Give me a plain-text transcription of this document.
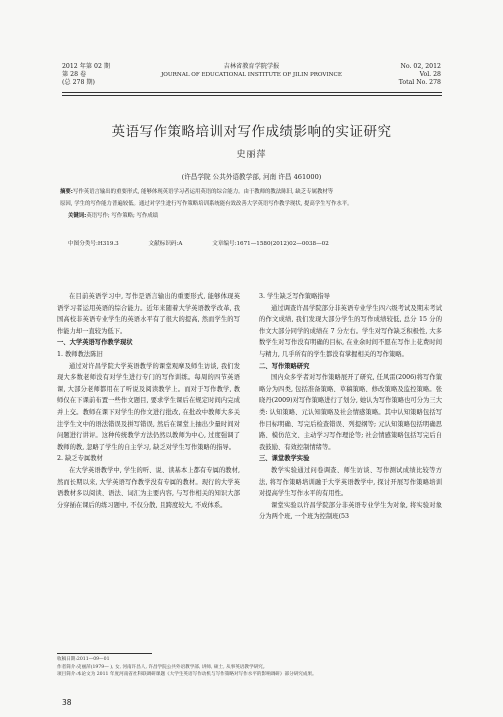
2012 年第 02 期
第 28 卷
(总 278 期)
吉林省教育学院学报
JOURNAL OF EDUCATIONAL INSTITUTE OF JILIN PROVINCE
No. 02, 2012
Vol. 28
Total No. 278
英语写作策略培训对写作成绩影响的实证研究
史丽萍
(许昌学院 公共外语教学部, 河南 许昌 461000)
摘要:写作英语言输出的重要形式, 能够体现英语学习者运用英语的综合能力。由于教师的教法陈旧, 缺乏专属教材等
原因, 学生的写作能力普遍较低。通过对学生进行写作策略培训系统能有效改善大学英语写作教学现状, 提高学生写作水平。
关键词:英语写作; 写作策略; 写作成绩
中图分类号:H319.3	文献标识码:A	文章编号:1671—1580(2012)02—0038—02

在目前英语学习中, 写作是语言输出的重要形式, 能够体现英语学习者运用英语的综合能力。近年来随着大学英语教学改革, 我国高校非英语专业学生的英语水平有了很大的提高, 然而学生的写作能力却一直较为低下。

一、大学英语写作教学现状

1. 教师教法陈旧

通过对许昌学院大学英语教学的课堂观摩及师生访谈, 我们发现大多数老师没有对学生进行专门的写作训练。每周的四节英语课, 大部分老师都用在了听说及阅读教学上。而对于写作教学, 教师仅在下课前布置一些作文题目, 要求学生课后在规定时间内完成并上交。教师在课下对学生的作文进行批改, 在批改中教师大多关注学生文中的语法错误及拼写错误, 然后在课堂上抽出少量时间对问题进行讲评。这种传统教学方法仍然以教师为中心, 过度强调了教师的教, 忽略了学生的自主学习, 缺乏对学生写作策略的指导。

2. 缺乏专属教材

在大学英语教学中, 学生的听、说、读基本上都有专属的教材, 然而长期以来, 大学英语写作教学没有专属的教材。现行的大学英语教材多以阅读、语法、词汇为主要内容, 与写作相关的知识大部分穿插在课后的练习题中, 不仅分散, 且跨度较大, 不成体系。

3. 学生缺乏写作策略指导

通过调查许昌学院部分非英语专业学生四六级考试及期末考试的作文成绩, 我们发现大部分学生的写作成绩较低, 总分 15 分的作文大部分同学的成绩在 7 分左右。学生对写作缺乏积极性, 大多数学生对写作没有明确的目标, 在业余时间不愿在写作上花费时间与精力, 几乎所有的学生都没有掌握相关的写作策略。

二、写作策略研究

国内众多学者对写作策略展开了研究, 任风雷(2006)将写作策略分为四类, 包括准备策略、草稿策略、修改策略及监控策略。张晓丹(2009)对写作策略进行了划分, 她认为写作策略也可分为三大类: 认知策略、元认知策略及社会情感策略。其中认知策略包括写作目标明确、写完后检查错误、列提纲等; 元认知策略包括明确思路、模仿范文、主动学习写作理论等; 社会情感策略包括写完后自我鼓励、有效控制情绪等。

三、课堂教学实验

教学实验通过问卷调查、师生访谈、写作测试成绩比较等方法, 将写作策略培训融于大学英语教学中, 探讨开展写作策略培训对提高学生写作水平的有用性。

课堂实验以许昌学院部分非英语专业学生为对象, 将实验对象分为两个班, 一个班为控制班(53

收稿日期:2011—09—01
作者简介:史丽萍(1979— ), 女, 河南许昌人, 许昌学院公共外语教学部, 讲师, 硕士, 从事英语教学研究。
项目简介:本论文为 2011 年度河南省社科联调研课题《大学生英语写作动机与写作策略对写作水平的影响调研》部分研究成果。
38
